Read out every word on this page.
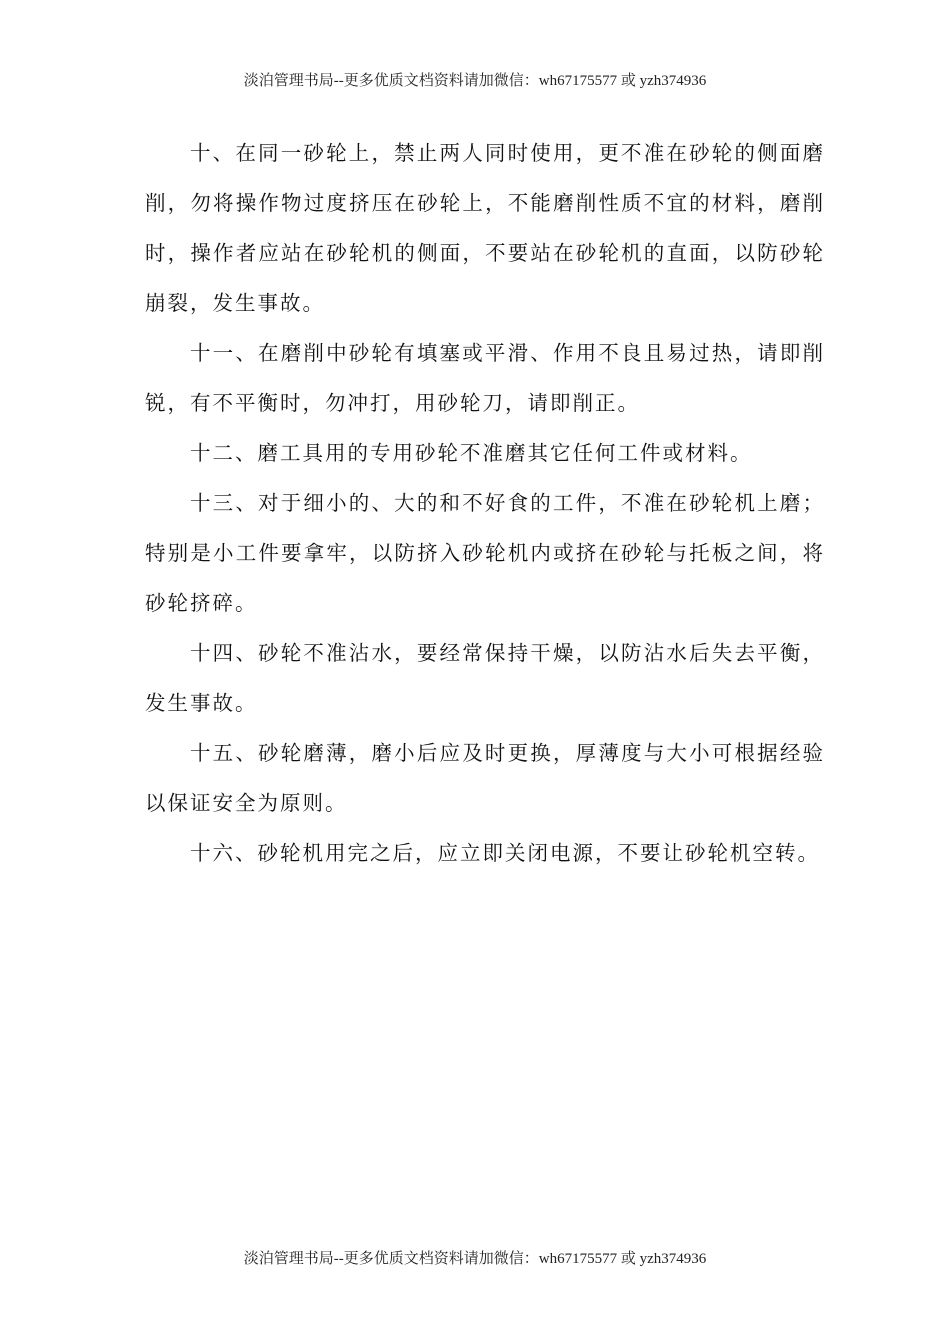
淡泊管理书局--更多优质文档资料请加微信：wh67175577 或 yzh374936

十、在同一砂轮上，禁止两人同时使用，更不准在砂轮的侧面磨削，勿将操作物过度挤压在砂轮上，不能磨削性质不宜的材料，磨削时，操作者应站在砂轮机的侧面，不要站在砂轮机的直面，以防砂轮崩裂，发生事故。

十一、在磨削中砂轮有填塞或平滑、作用不良且易过热，请即削锐，有不平衡时，勿冲打，用砂轮刀，请即削正。

十二、磨工具用的专用砂轮不准磨其它任何工件或材料。

十三、对于细小的、大的和不好食的工件，不准在砂轮机上磨；特别是小工件要拿牢，以防挤入砂轮机内或挤在砂轮与托板之间，将砂轮挤碎。

十四、砂轮不准沾水，要经常保持干燥，以防沾水后失去平衡，发生事故。

十五、砂轮磨薄，磨小后应及时更换，厚薄度与大小可根据经验以保证安全为原则。

十六、砂轮机用完之后，应立即关闭电源，不要让砂轮机空转。

淡泊管理书局--更多优质文档资料请加微信：wh67175577 或 yzh374936
